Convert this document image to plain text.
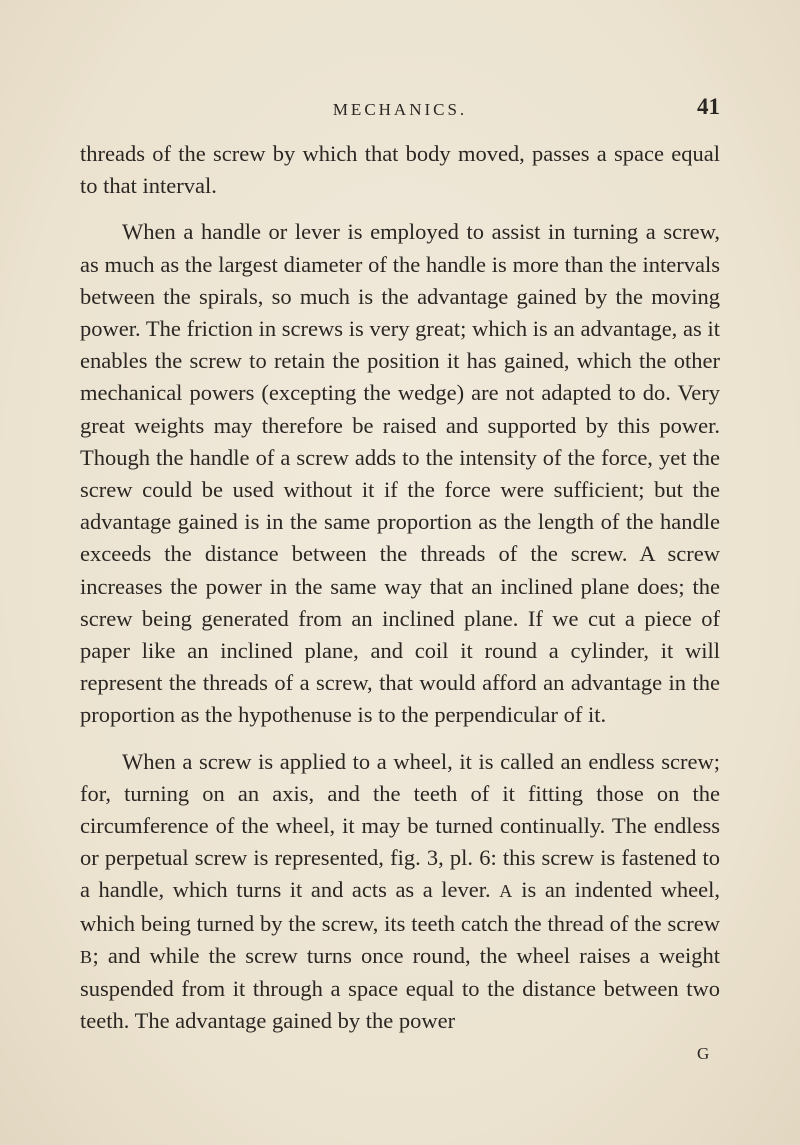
MECHANICS.	41

threads of the screw by which that body moved, passes a space equal to that interval.

When a handle or lever is employed to assist in turning a screw, as much as the largest diameter of the handle is more than the intervals between the spirals, so much is the advantage gained by the moving power. The friction in screws is very great; which is an advantage, as it enables the screw to retain the position it has gained, which the other mechanical powers (excepting the wedge) are not adapted to do. Very great weights may therefore be raised and supported by this power. Though the handle of a screw adds to the intensity of the force, yet the screw could be used without it if the force were sufficient; but the advantage gained is in the same proportion as the length of the handle exceeds the distance between the threads of the screw. A screw increases the power in the same way that an inclined plane does; the screw being generated from an inclined plane. If we cut a piece of paper like an inclined plane, and coil it round a cylinder, it will represent the threads of a screw, that would afford an advantage in the proportion as the hypothenuse is to the perpendicular of it.

When a screw is applied to a wheel, it is called an endless screw; for, turning on an axis, and the teeth of it fitting those on the circumference of the wheel, it may be turned continually. The endless or perpetual screw is represented, fig. 3, pl. 6: this screw is fastened to a handle, which turns it and acts as a lever. A is an indented wheel, which being turned by the screw, its teeth catch the thread of the screw B; and while the screw turns once round, the wheel raises a weight suspended from it through a space equal to the distance between two teeth. The advantage gained by the power

G
